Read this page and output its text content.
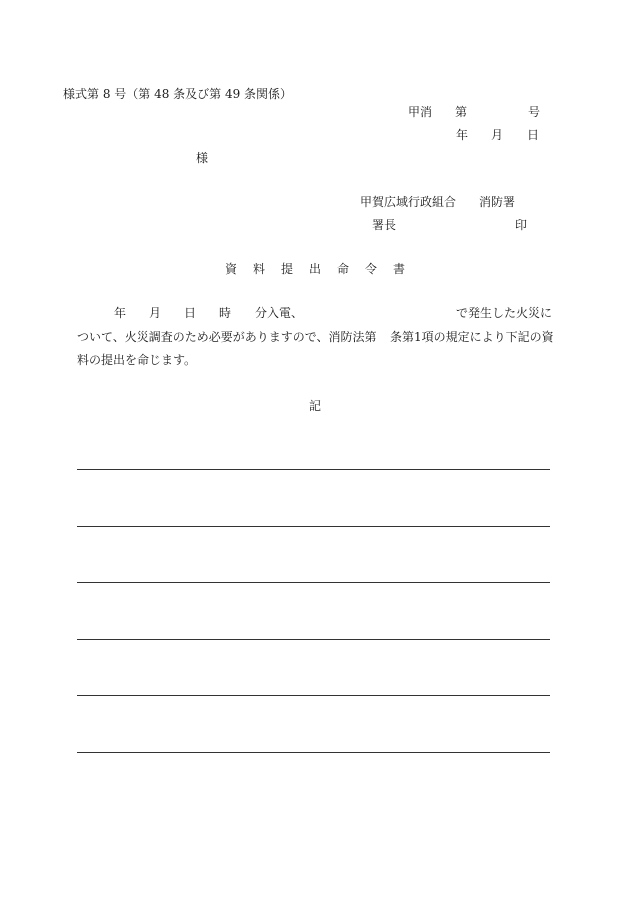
様式第 8 号（第 48 条及び第 49 条関係）
甲消 第	号
年 月 日
様
甲賀広域行政組合 消防署
署長	印
資 料 提 出 命 令 書
年 月 日 時 分入電、	で発生した火災に
ついて、火災調査のため必要がありますので、消防法第 条第1項の規定により下記の資
料の提出を命じます。
記
